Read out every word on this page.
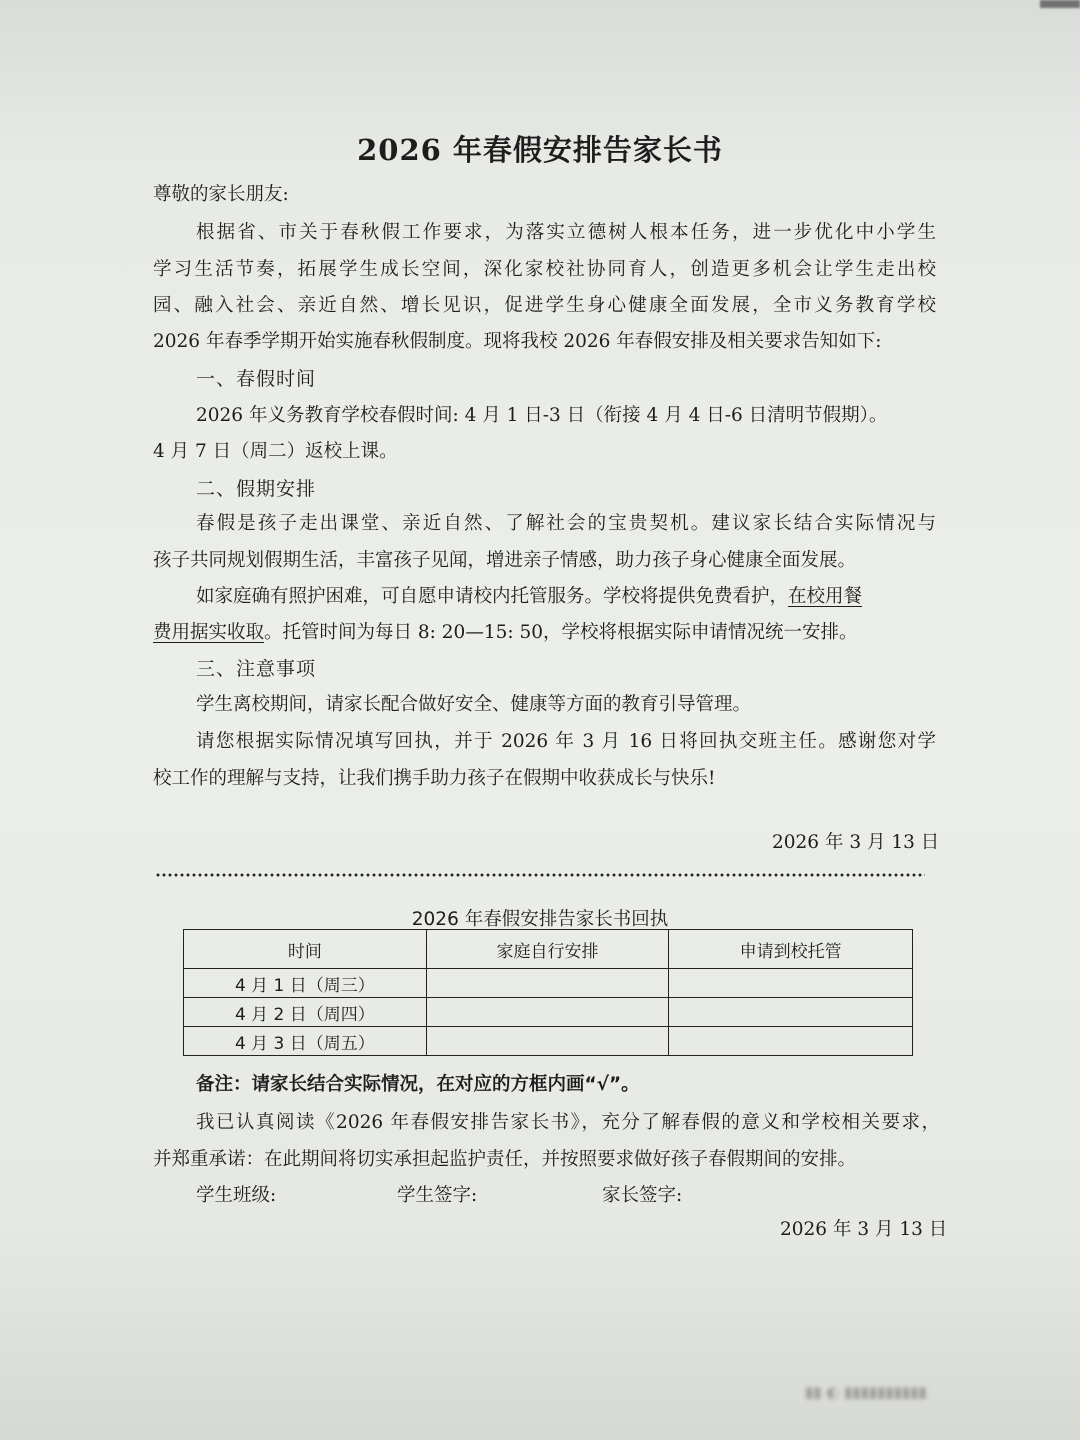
2026 年春假安排告家长书
尊敬的家长朋友:
根据省、市关于春秋假工作要求，为落实立德树人根本任务，进一步优化中小学生
学习生活节奏，拓展学生成长空间，深化家校社协同育人，创造更多机会让学生走出校
园、融入社会、亲近自然、增长见识，促进学生身心健康全面发展，全市义务教育学校
2026 年春季学期开始实施春秋假制度。现将我校 2026 年春假安排及相关要求告知如下:
一、春假时间
2026 年义务教育学校春假时间: 4 月 1 日-3 日（衔接 4 月 4 日-6 日清明节假期）。
4 月 7 日（周二）返校上课。
二、假期安排
春假是孩子走出课堂、亲近自然、了解社会的宝贵契机。建议家长结合实际情况与
孩子共同规划假期生活，丰富孩子见闻，增进亲子情感，助力孩子身心健康全面发展。
如家庭确有照护困难，可自愿申请校内托管服务。学校将提供免费看护，在校用餐
费用据实收取。托管时间为每日 8: 20—15: 50，学校将根据实际申请情况统一安排。
三、注意事项
学生离校期间，请家长配合做好安全、健康等方面的教育引导管理。
请您根据实际情况填写回执，并于 2026 年 3 月 16 日将回执交班主任。感谢您对学
校工作的理解与支持，让我们携手助力孩子在假期中收获成长与快乐!
2026 年 3 月 13 日
2026 年春假安排告家长书回执
时间	家庭自行安排	申请到校托管
4 月 1 日（周三）		
4 月 2 日（周四）		
4 月 3 日（周五）		
备注：请家长结合实际情况，在对应的方框内画“√”。
我已认真阅读《2026 年春假安排告家长书》，充分了解春假的意义和学校相关要求，
并郑重承诺：在此期间将切实承担起监护责任，并按照要求做好孩子春假期间的安排。
学生班级:	学生签字:	家长签字:
2026 年 3 月 13 日
▮▮ ◐ ▮▮▮▮▮▮▮▮▮▮
